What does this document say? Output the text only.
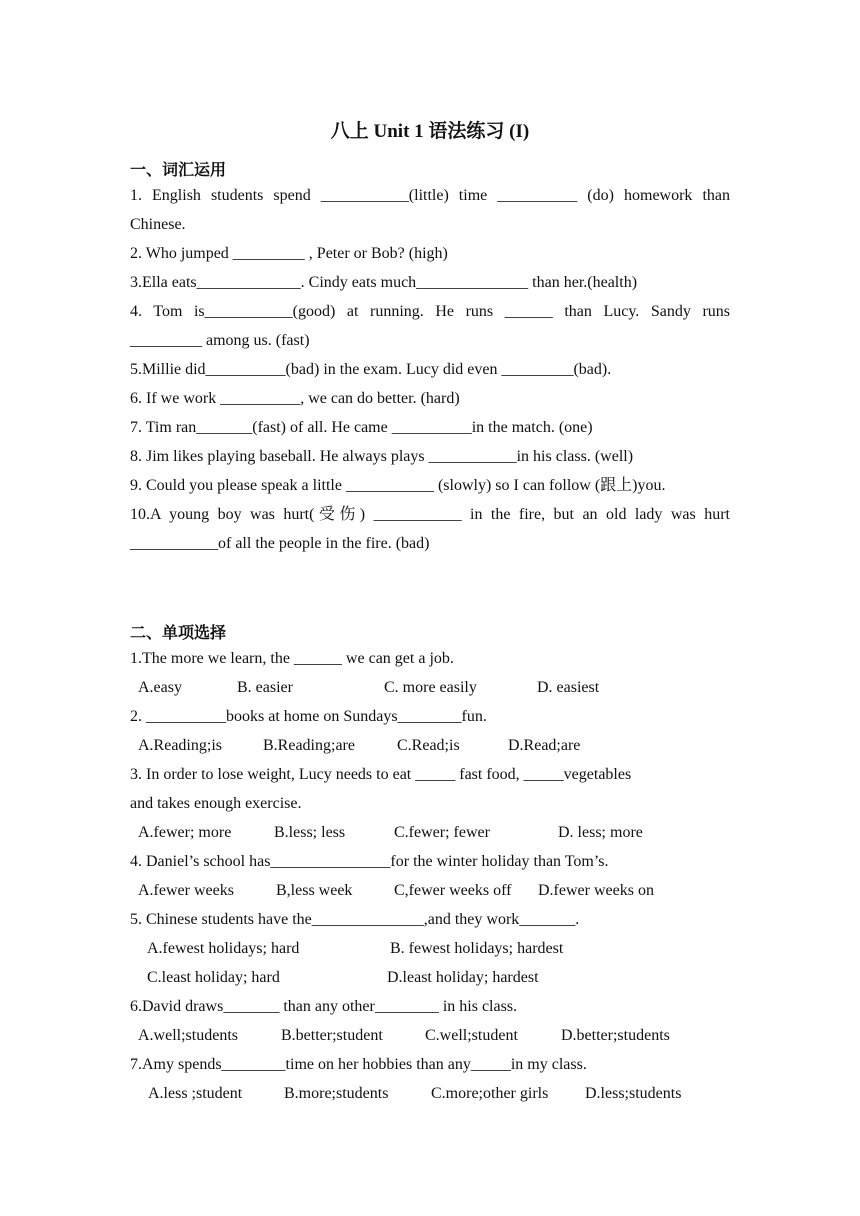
八上 Unit 1 语法练习 (I)
一、词汇运用
1. English students spend ___________(little) time __________ (do) homework than
Chinese.
2. Who jumped _________ , Peter or Bob? (high)
3.Ella eats_____________. Cindy eats much______________ than her.(health)
4. Tom is___________(good) at running. He runs ______ than Lucy. Sandy runs
_________ among us. (fast)
5.Millie did__________(bad) in the exam. Lucy did even _________(bad).
6. If we work __________, we can do better. (hard)
7. Tim ran_______(fast) of all. He came __________in the match. (one)
8. Jim likes playing baseball. He always plays ___________in his class. (well)
9. Could you please speak a little ___________ (slowly) so I can follow (跟上)you.
10.A young boy was hurt(受伤) ___________ in the fire, but an old lady was hurt
___________of all the people in the fire. (bad)
二、单项选择
1.The more we learn, the ______ we can get a job.
A.easy	B. easier	C. more easily	D. easiest
2. __________books at home on Sundays________fun.
A.Reading;is	B.Reading;are	C.Read;is	D.Read;are
3. In order to lose weight, Lucy needs to eat _____ fast food, _____vegetables
and takes enough exercise.
A.fewer; more	B.less; less	C.fewer; fewer	D. less; more
4. Daniel’s school has_______________for the winter holiday than Tom’s.
A.fewer weeks	B,less week	C,fewer weeks off D.fewer weeks on
5. Chinese students have the______________,and they work_______.
A.fewest holidays; hard	B. fewest holidays; hardest
C.least holiday; hard	D.least holiday; hardest
6.David draws_______ than any other________ in his class.
A.well;students	B.better;student	C.well;student	D.better;students
7.Amy spends________time on her hobbies than any_____in my class.
A.less ;student	B.more;students	C.more;other girls D.less;students
